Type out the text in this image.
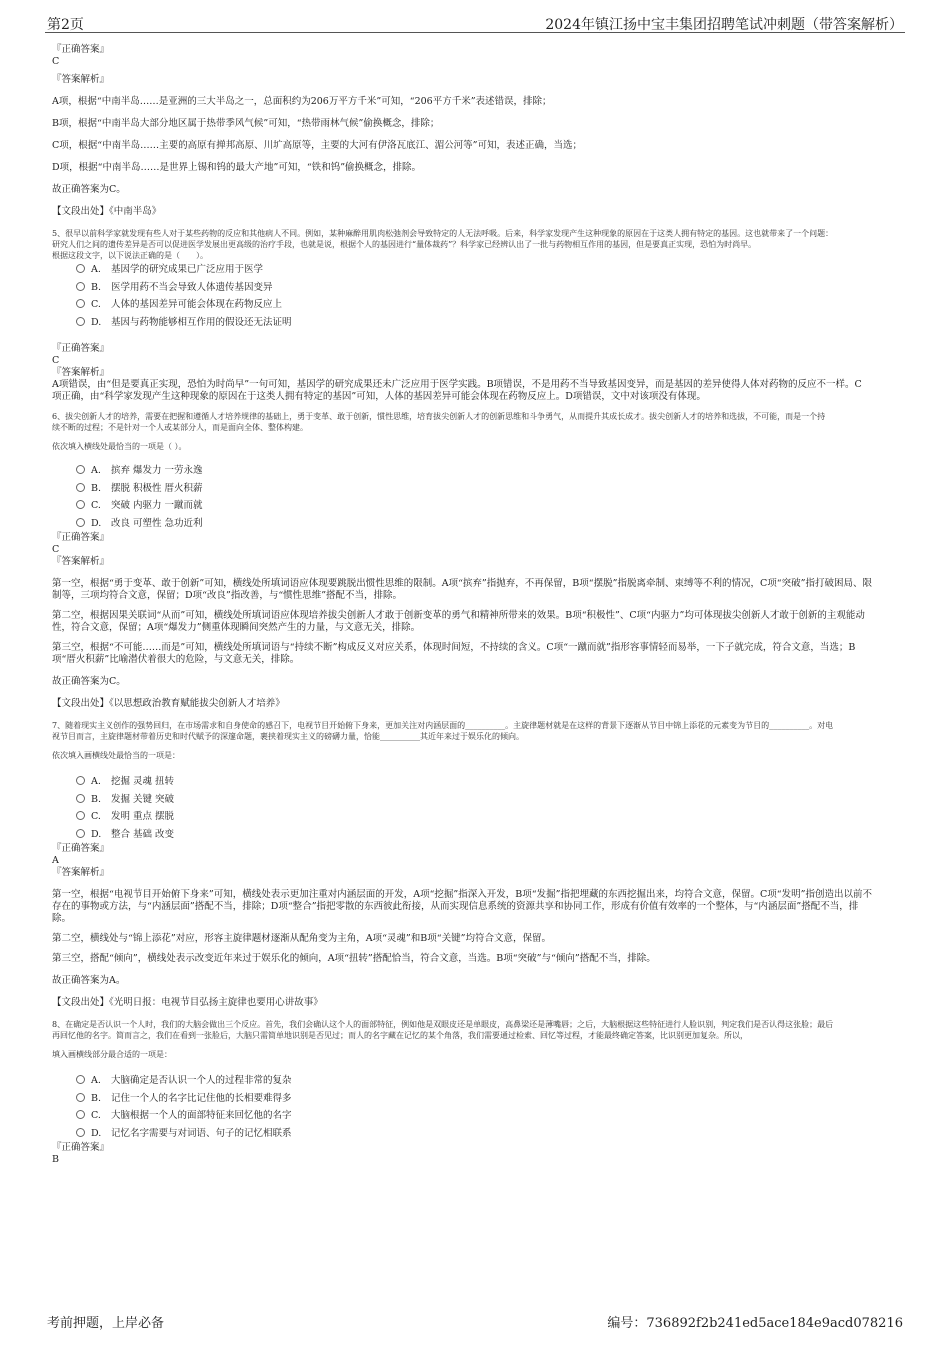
第2页	2024年镇江扬中宝丰集团招聘笔试冲刺题（带答案解析）
『正确答案』
C
『答案解析』
A项，根据“中南半岛……是亚洲的三大半岛之一，总面积约为206万平方千米”可知，“206平方千米”表述错误，排除；
B项，根据“中南半岛大部分地区属于热带季风气候”可知，“热带雨林气候”偷换概念，排除；
C项，根据“中南半岛……主要的高原有掸邦高原、川圹高原等，主要的大河有伊洛瓦底江、湄公河等”可知，表述正确，当选；
D项，根据“中南半岛……是世界上锡和钨的最大产地”可知，“铁和钨”偷换概念，排除。
故正确答案为C。
【文段出处】《中南半岛》
5、很早以前科学家就发现有些人对于某些药物的反应和其他病人不同。例如，某种麻醉用肌肉松弛剂会导致特定的人无法呼吸。后来，科学家发现产生这种现象的原因在于这类人拥有特定的基因。这也就带来了一个问题：
研究人们之间的遗传差异是否可以促进医学发展出更高级的治疗手段，也就是说，根据个人的基因进行“量体裁药”？科学家已经辨认出了一批与药物相互作用的基因，但是要真正实现，恐怕为时尚早。
根据这段文字，以下说法正确的是（　　）。
A. 基因学的研究成果已广泛应用于医学
B. 医学用药不当会导致人体遗传基因变异
C. 人体的基因差异可能会体现在药物反应上
D. 基因与药物能够相互作用的假设还无法证明
『正确答案』
C
『答案解析』
A项错误，由“但是要真正实现，恐怕为时尚早”一句可知，基因学的研究成果还未广泛应用于医学实践。B项错误，不是用药不当导致基因变异，而是基因的差异使得人体对药物的反应不一样。C
项正确，由“科学家发现产生这种现象的原因在于这类人拥有特定的基因”可知，人体的基因差异可能会体现在药物反应上。D项错误，文中对该项没有体现。
6、拔尖创新人才的培养，需要在把握和遵循人才培养规律的基础上，勇于变革、敢于创新，惯性思维，培育拔尖创新人才的创新思维和斗争勇气，从而提升其成长成才。拔尖创新人才的培养和选拔，不可能，而是一个持
续不断的过程；不是针对一个人或某部分人，而是面向全体、整体构建。
依次填入横线处最恰当的一项是（ ）。
A. 摈弃 爆发力 一劳永逸
B. 摆脱 积极性 厝火积薪
C. 突破 内驱力 一蹴而就
D. 改良 可塑性 急功近利
『正确答案』
C
『答案解析』
第一空，根据“勇于变革、敢于创新”可知，横线处所填词语应体现要跳脱出惯性思维的限制。A项“摈弃”指抛弃，不再保留，B项“摆脱”指脱离牵制、束缚等不利的情况，C项“突破”指打破困局、限
制等，三项均符合文意，保留；D项“改良”指改善，与“惯性思维”搭配不当，排除。
第二空，根据因果关联词“从而”可知，横线处所填词语应体现培养拔尖创新人才敢于创新变革的勇气和精神所带来的效果。B项“积极性”、C项“内驱力”均可体现拔尖创新人才敢于创新的主观能动
性，符合文意，保留；A项“爆发力”侧重体现瞬间突然产生的力量，与文意无关，排除。
第三空，根据“不可能……而是”可知，横线处所填词语与“持续不断”构成反义对应关系，体现时间短，不持续的含义。C项“一蹴而就”指形容事情轻而易举，一下子就完成，符合文意，当选；B
项“厝火积薪”比喻潜伏着很大的危险，与文意无关，排除。
故正确答案为C。
【文段出处】《以思想政治教育赋能拔尖创新人才培养》
7、随着现实主义创作的强势回归，在市场需求和自身使命的感召下，电视节目开始俯下身来，更加关注对内涵层面的__________。主旋律题材就是在这样的背景下逐渐从节目中锦上添花的元素变为节目的__________。对电
视节目而言，主旋律题材带着历史和时代赋予的深邃命题，裹挟着现实主义的磅礴力量，恰能__________其近年来过于娱乐化的倾向。
依次填入画横线处最恰当的一项是：
A. 挖掘 灵魂 扭转
B. 发掘 关键 突破
C. 发明 重点 摆脱
D. 整合 基础 改变
『正确答案』
A
『答案解析』
第一空，根据“电视节目开始俯下身来”可知，横线处表示更加注重对内涵层面的开发，A项“挖掘”指深入开发，B项“发掘”指把埋藏的东西挖掘出来，均符合文意，保留。C项“发明”指创造出以前不
存在的事物或方法，与“内涵层面”搭配不当，排除；D项“整合”指把零散的东西彼此衔接，从而实现信息系统的资源共享和协同工作，形成有价值有效率的一个整体，与“内涵层面”搭配不当，排
除。
第二空，横线处与“锦上添花”对应，形容主旋律题材逐渐从配角变为主角，A项“灵魂”和B项“关键”均符合文意，保留。
第三空，搭配“倾向”，横线处表示改变近年来过于娱乐化的倾向，A项“扭转”搭配恰当，符合文意，当选。B项“突破”与“倾向”搭配不当，排除。
故正确答案为A。
【文段出处】《光明日报：电视节目弘扬主旋律也要用心讲故事》
8、在确定是否认识一个人时，我们的大脑会做出三个反应。首先，我们会确认这个人的面部特征，例如他是双眼皮还是单眼皮，高鼻梁还是薄嘴唇；之后，大脑根据这些特征进行人脸识别，判定我们是否认得这张脸；最后
再回忆他的名字。简而言之，我们在看到一张脸后，大脑只需简单地识别是否见过；而人的名字藏在记忆的某个角落，我们需要通过检索、回忆等过程，才能最终确定答案，比识别更加复杂。所以，
填入画横线部分最合适的一项是：
A. 大脑确定是否认识一个人的过程非常的复杂
B. 记住一个人的名字比记住他的长相要难得多
C. 大脑根据一个人的面部特征来回忆他的名字
D. 记忆名字需要与对词语、句子的记忆相联系
『正确答案』
B
考前押题，上岸必备	编号：736892f2b241ed5ace184e9acd078216
